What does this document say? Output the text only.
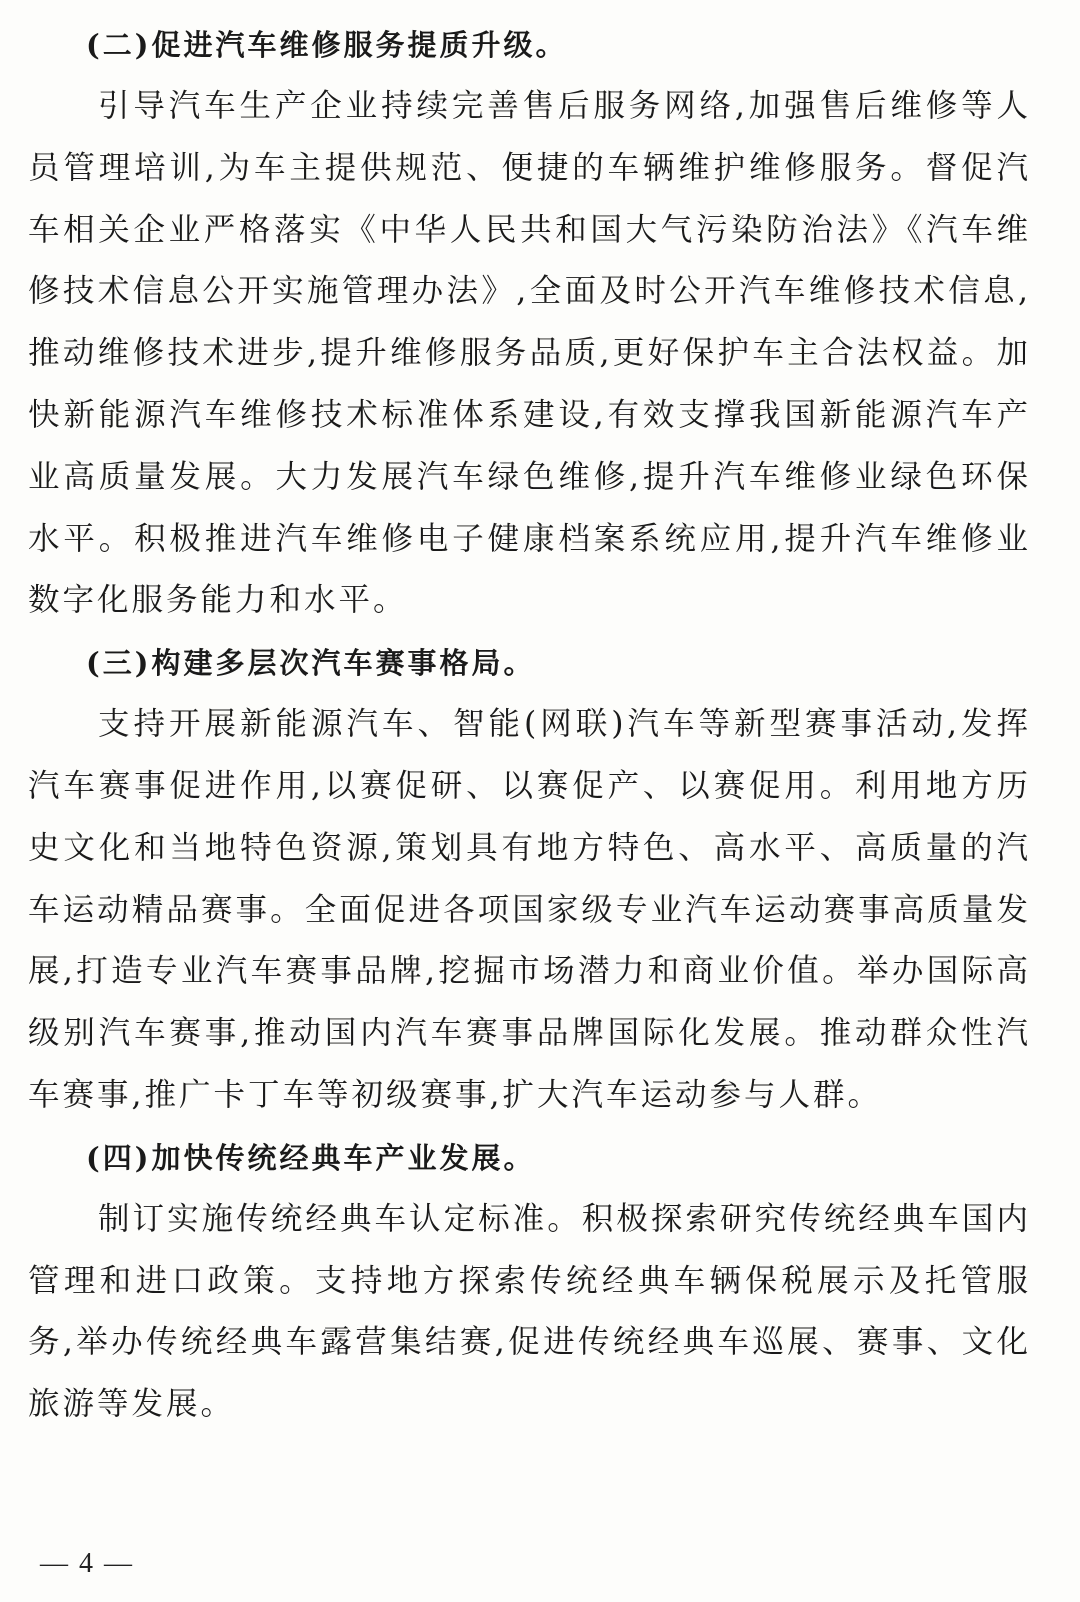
(二)促进汽车维修服务提质升级。

引导汽车生产企业持续完善售后服务网络,加强售后维修等人员管理培训,为车主提供规范、便捷的车辆维护维修服务。督促汽车相关企业严格落实《中华人民共和国大气污染防治法》《汽车维修技术信息公开实施管理办法》,全面及时公开汽车维修技术信息,推动维修技术进步,提升维修服务品质,更好保护车主合法权益。加快新能源汽车维修技术标准体系建设,有效支撑我国新能源汽车产业高质量发展。大力发展汽车绿色维修,提升汽车维修业绿色环保水平。积极推进汽车维修电子健康档案系统应用,提升汽车维修业数字化服务能力和水平。

(三)构建多层次汽车赛事格局。

支持开展新能源汽车、智能(网联)汽车等新型赛事活动,发挥汽车赛事促进作用,以赛促研、以赛促产、以赛促用。利用地方历史文化和当地特色资源,策划具有地方特色、高水平、高质量的汽车运动精品赛事。全面促进各项国家级专业汽车运动赛事高质量发展,打造专业汽车赛事品牌,挖掘市场潜力和商业价值。举办国际高级别汽车赛事,推动国内汽车赛事品牌国际化发展。推动群众性汽车赛事,推广卡丁车等初级赛事,扩大汽车运动参与人群。

(四)加快传统经典车产业发展。

制订实施传统经典车认定标准。积极探索研究传统经典车国内管理和进口政策。支持地方探索传统经典车辆保税展示及托管服务,举办传统经典车露营集结赛,促进传统经典车巡展、赛事、文化旅游等发展。

— 4 —
